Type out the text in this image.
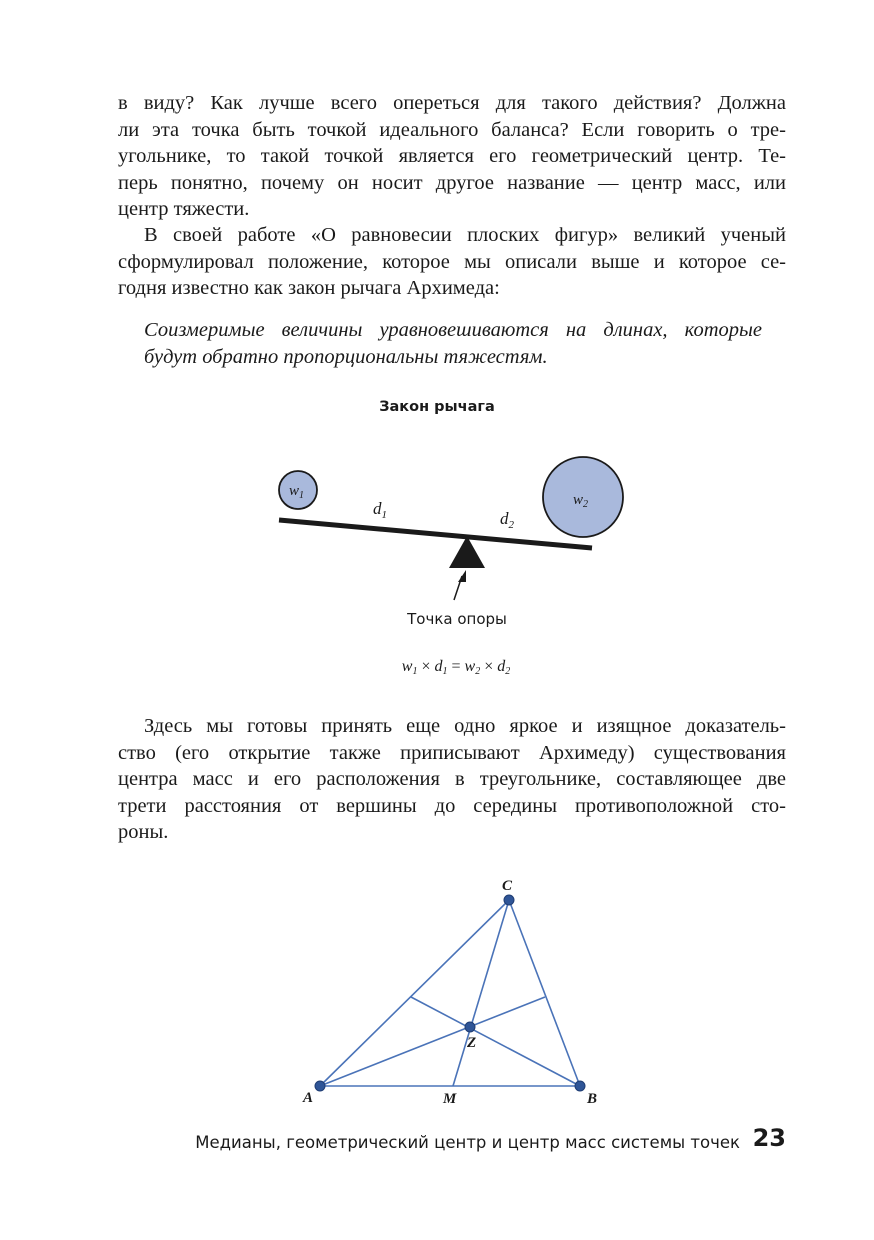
в виду? Как лучше всего опереться для такого действия? Должна
ли эта точка быть точкой идеального баланса? Если говорить о тре-
угольнике, то такой точкой является его геометрический центр. Те-
перь понятно, почему он носит другое название — центр масс, или
центр тяжести.
В своей работе «О равновесии плоских фигур» великий ученый
сформулировал положение, которое мы описали выше и которое се-
годня известно как закон рычага Архимеда:
Соизмеримые величины уравновешиваются на длинах, которые
будут обратно пропорциональны тяжестям.
Закон рычага
$w_1$	$w_2$
$d_1$	$d_2$
Точка опоры
w1 × d1 = w2 × d2
Здесь мы готовы принять еще одно яркое и изящное доказатель-
ство (его открытие также приписывают Архимеду) существования
центра масс и его расположения в треугольнике, составляющее две
трети расстояния от вершины до середины противоположной сто-
роны.
A	B
C
Z
M
Медианы, геометрический центр и центр масс системы точек 23
